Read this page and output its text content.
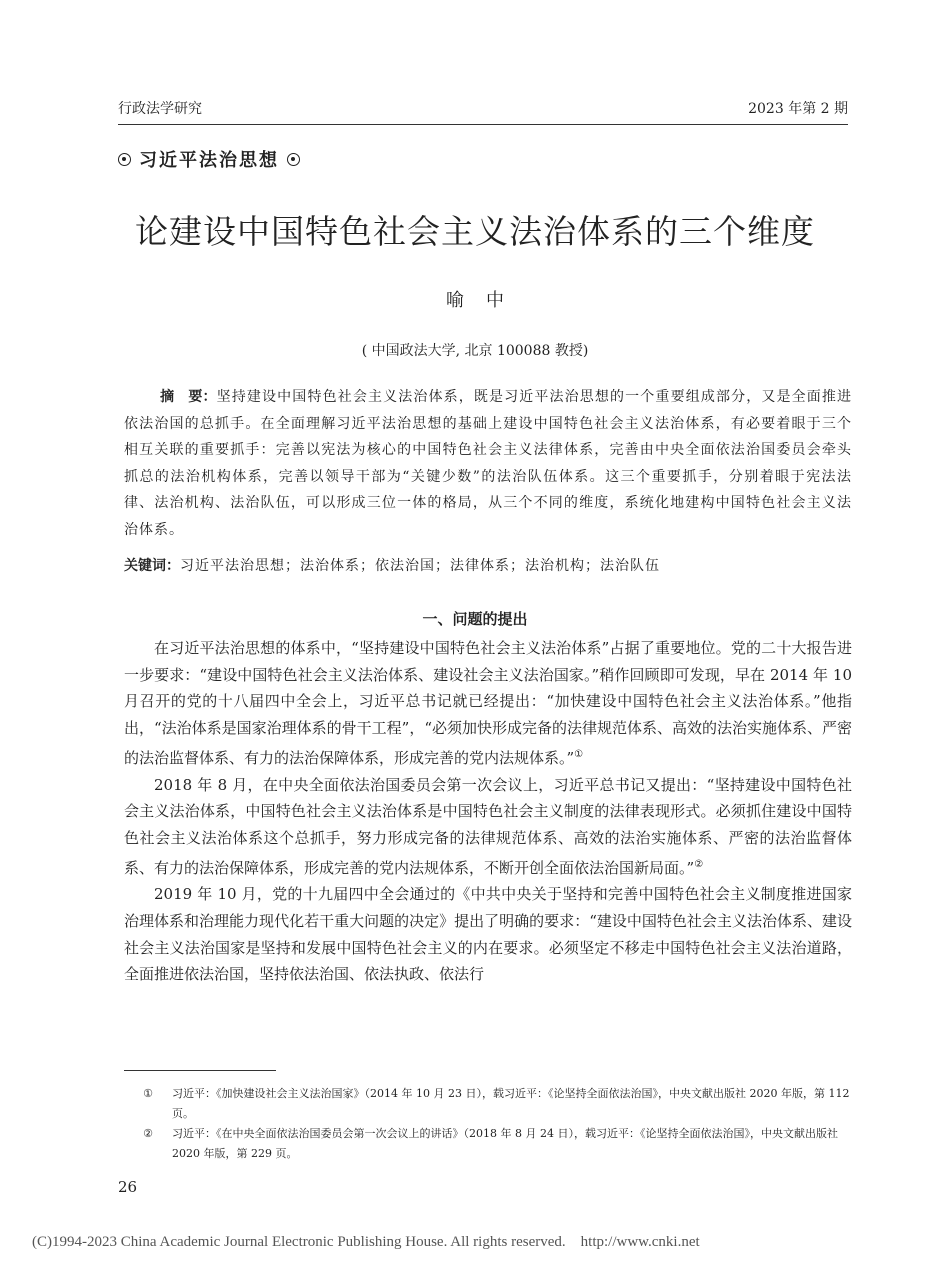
行政法学研究	2023 年第 2 期
习近平法治思想
论建设中国特色社会主义法治体系的三个维度
喻中
( 中国政法大学, 北京 100088 教授)
摘　要：坚持建设中国特色社会主义法治体系，既是习近平法治思想的一个重要组成部分，又是全面推进依法治国的总抓手。在全面理解习近平法治思想的基础上建设中国特色社会主义法治体系，有必要着眼于三个相互关联的重要抓手：完善以宪法为核心的中国特色社会主义法律体系，完善由中央全面依法治国委员会牵头抓总的法治机构体系，完善以领导干部为“关键少数”的法治队伍体系。这三个重要抓手，分别着眼于宪法法律、法治机构、法治队伍，可以形成三位一体的格局，从三个不同的维度，系统化地建构中国特色社会主义法治体系。
关键词：习近平法治思想；法治体系；依法治国；法律体系；法治机构；法治队伍
一、问题的提出

在习近平法治思想的体系中，“坚持建设中国特色社会主义法治体系”占据了重要地位。党的二十大报告进一步要求：“建设中国特色社会主义法治体系、建设社会主义法治国家。”稍作回顾即可发现，早在 2014 年 10 月召开的党的十八届四中全会上，习近平总书记就已经提出：“加快建设中国特色社会主义法治体系。”他指出，“法治体系是国家治理体系的骨干工程”，“必须加快形成完备的法律规范体系、高效的法治实施体系、严密的法治监督体系、有力的法治保障体系，形成完善的党内法规体系。”①

2018 年 8 月，在中央全面依法治国委员会第一次会议上，习近平总书记又提出：“坚持建设中国特色社会主义法治体系，中国特色社会主义法治体系是中国特色社会主义制度的法律表现形式。必须抓住建设中国特色社会主义法治体系这个总抓手，努力形成完备的法律规范体系、高效的法治实施体系、严密的法治监督体系、有力的法治保障体系，形成完善的党内法规体系，不断开创全面依法治国新局面。”②

2019 年 10 月，党的十九届四中全会通过的《中共中央关于坚持和完善中国特色社会主义制度推进国家治理体系和治理能力现代化若干重大问题的决定》提出了明确的要求：“建设中国特色社会主义法治体系、建设社会主义法治国家是坚持和发展中国特色社会主义的内在要求。必须坚定不移走中国特色社会主义法治道路，全面推进依法治国，坚持依法治国、依法执政、依法行

①	习近平：《加快建设社会主义法治国家》（2014 年 10 月 23 日），载习近平：《论坚持全面依法治国》，中央文献出版社 2020 年版，第 112 页。
②	习近平：《在中央全面依法治国委员会第一次会议上的讲话》（2018 年 8 月 24 日），载习近平：《论坚持全面依法治国》，中央文献出版社 2020 年版，第 229 页。
26
(C)1994-2023 China Academic Journal Electronic Publishing House. All rights reserved.    http://www.cnki.net
